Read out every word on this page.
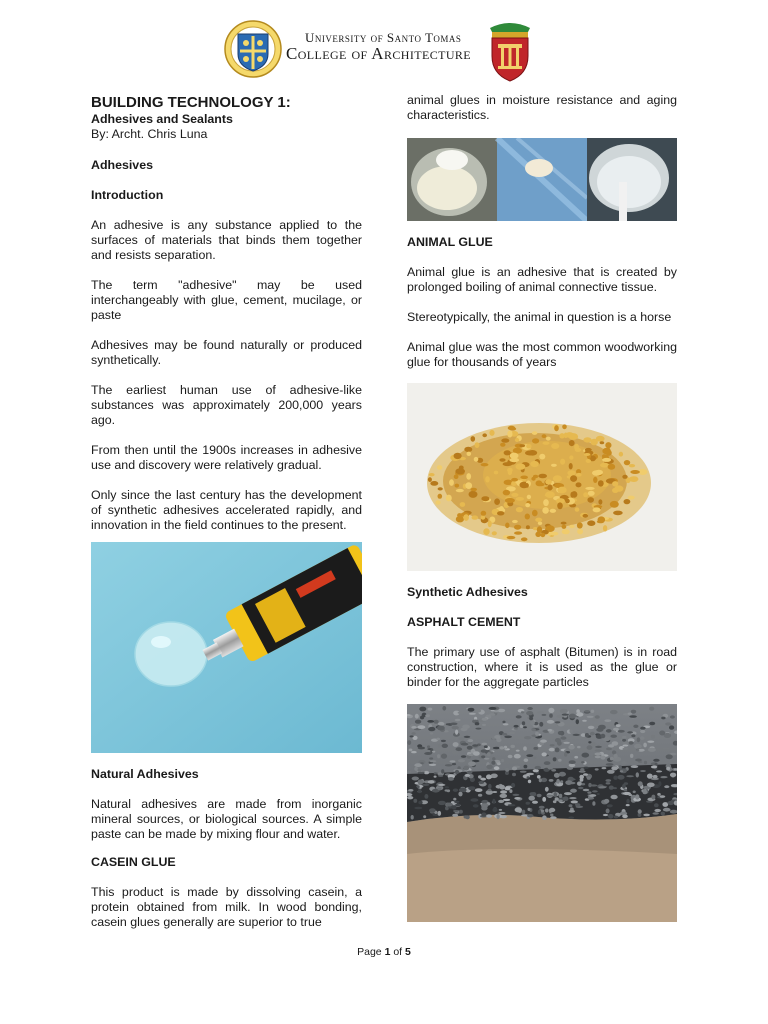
University of Santo Tomas
College of Architecture
BUILDING TECHNOLOGY 1:
Adhesives and Sealants
By: Archt. Chris Luna
Adhesives
Introduction

An adhesive is any substance applied to the surfaces of materials that binds them together and resists separation.

The term "adhesive" may be used interchangeably with glue, cement, mucilage, or paste

Adhesives may be found naturally or produced synthetically.

The earliest human use of adhesive-like substances was approximately 200,000 years ago.

From then until the 1900s increases in adhesive use and discovery were relatively gradual.

Only since the last century has the development of synthetic adhesives accelerated rapidly, and innovation in the field continues to the present.

Natural Adhesives

Natural adhesives are made from inorganic mineral sources, or biological sources. A simple paste can be made by mixing flour and water.

CASEIN GLUE

This product is made by dissolving casein, a protein obtained from milk. In wood bonding, casein glues generally are superior to true

animal glues in moisture resistance and aging characteristics.

ANIMAL GLUE

Animal glue is an adhesive that is created by prolonged boiling of animal connective tissue.

Stereotypically, the animal in question is a horse

Animal glue was the most common woodworking glue for thousands of years

Synthetic Adhesives
ASPHALT CEMENT

The primary use of asphalt (Bitumen) is in road construction, where it is used as the glue or binder for the aggregate particles

Page 1 of 5
